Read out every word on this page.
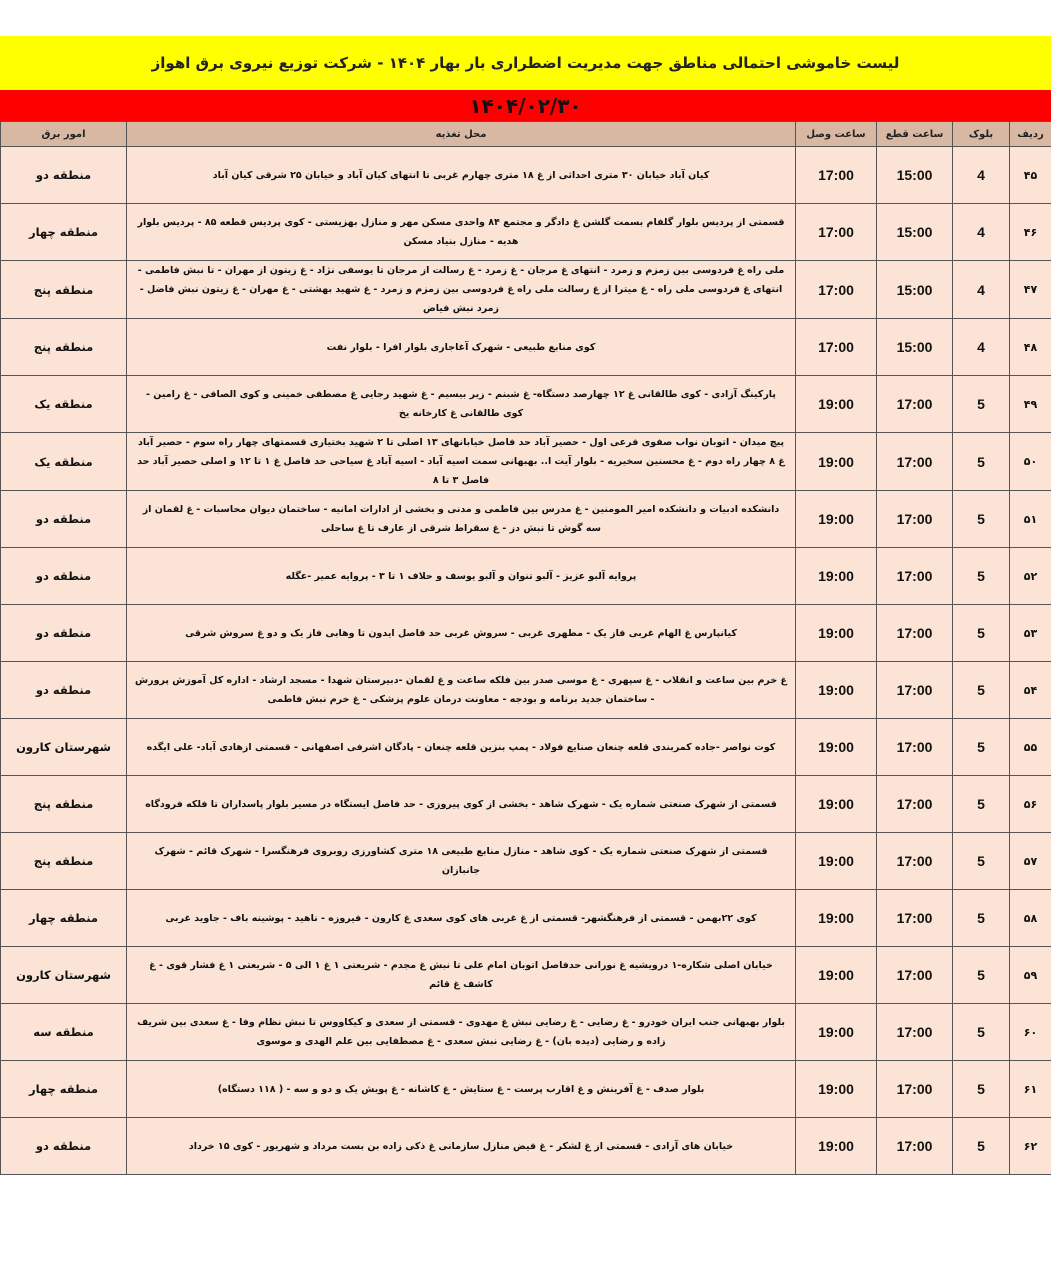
لیست خاموشی احتمالی مناطق جهت مدیریت اضطراری بار بهار ۱۴۰۴ - شرکت توزیع نیروی برق اهواز
۱۴۰۴/۰۲/۳۰
ردیف	بلوک	ساعت قطع	ساعت وصل	محل تغذیه	امور برق
۴۵	4	15:00	17:00	کیان آباد خیابان ۳۰ متری احداثی از غ ۱۸ متری چهارم غربی تا انتهای کیان آباد و خیابان ۲۵ شرقی کیان آباد	منطقه دو
۴۶	4	15:00	17:00	قسمتی از پردیس بلوار گلفام بسمت گلشن غ دادگر و مجتمع ۸۴ واحدی مسکن مهر و منازل بهزیستی - کوی پردیس قطعه ۸۵ - پردیس بلوار هدیه - منازل بنیاد مسکن	منطقه چهار
۴۷	4	15:00	17:00	ملی راه غ فردوسی بین زمزم و زمرد - انتهای غ مرجان - غ زمرد - غ رسالت از مرجان تا یوسفی نژاد - غ زیتون از مهران - تا نبش فاطمی - انتهای غ فردوسی ملی راه - غ میترا از غ رسالت ملی راه غ فردوسی بین زمزم و زمرد - غ شهید بهشتی - غ مهران - غ زیتون نبش فاضل - زمرد نبش فیاض	منطقه پنج
۴۸	4	15:00	17:00	کوی منابع طبیعی - شهرک آغاجاری بلوار افرا - بلوار نفت	منطقه پنج
۴۹	5	17:00	19:00	پارکینگ آزادی - کوی طالقانی غ ۱۲ چهارصد دستگاه- غ شبنم - زیر بیسیم - غ شهید رجایی غ مصطفی خمینی و کوی الصافی - غ رامین - کوی طالقانی غ کارخانه یخ	منطقه یک
۵۰	5	17:00	19:00	پیچ میدان - اتوبان نواب صفوی فرعی اول - حصیر آباد حد فاصل خیابانهای ۱۳ اصلی تا ۲ شهید بختیاری قسمتهای چهار راه سوم - حصیر آباد غ ۸ چهار راه دوم - غ محسنین سخیریه - بلوار آیت ا.. بهبهانی سمت اسیه آباد - اسیه آباد غ سیاحی حد فاصل غ ۱ تا ۱۲ و اصلی حصیر آباد حد فاصل ۳ تا ۸	منطقه یک
۵۱	5	17:00	19:00	دانشکده ادبیات و دانشکده امیر المومنین - غ مدرس بین فاطمی و مدنی و بخشی از ادارات امانیه - ساختمان دیوان محاسبات - غ لقمان از سه گوش تا نبش دز - غ سقراط شرقی از عارف تا غ ساحلی	منطقه دو
۵۲	5	17:00	19:00	پروایه آلبو عزیز - آلبو تنوان و آلبو یوسف و حلاف ۱ تا ۳ - پروایه عمیر -عگله	منطقه دو
۵۳	5	17:00	19:00	کیانپارس غ الهام غربی فاز یک - مطهری غربی - سروش غربی حد فاصل ایدون تا وهابی فاز یک و دو غ سروش شرقی	منطقه دو
۵۴	5	17:00	19:00	غ خرم بین ساعت و انقلاب - غ سپهری - غ موسی صدر بین فلکه ساعت و غ لقمان -دبیرستان شهدا - مسجد ارشاد - اداره کل آموزش پرورش - ساختمان جدید برنامه و بودجه - معاونت درمان علوم پزشکی - غ خرم نبش فاطمی	منطقه دو
۵۵	5	17:00	19:00	کوت نواصر -جاده کمربندی قلعه چنعان صنایع فولاد - پمپ بنزین قلعه چنعان - پادگان اشرفی اصفهانی - قسمتی ازهادی آباد- علی ایگده	شهرستان کارون
۵۶	5	17:00	19:00	قسمتی از شهرک صنعتی شماره یک - شهرک شاهد - بخشی از کوی پیروزی - حد فاصل ایستگاه در مسیر بلوار پاسداران تا فلکه فرودگاه	منطقه پنج
۵۷	5	17:00	19:00	قسمتی از شهرک صنعتی شماره یک - کوی شاهد - منازل منابع طبیعی ۱۸ متری کشاورزی روبروی فرهنگسرا - شهرک قائم - شهرک جانبازان	منطقه پنج
۵۸	5	17:00	19:00	کوی ۲۲بهمن - قسمتی از فرهنگشهر- قسمتی از غ غربی های کوی سعدی غ کارون - فیروزه - ناهید - پوشینه باف - جاوید غربی	منطقه چهار
۵۹	5	17:00	19:00	خیابان اصلی شکاره-۱ درویشیه غ نورانی حدفاصل اتوبان امام علی تا نبش غ مجدم - شریعتی ۱ غ ۱ الی ۵ - شریعتی ۱ غ فشار قوی - غ کاشف غ قائم	شهرستان کارون
۶۰	5	17:00	19:00	بلوار بهبهانی جنب ایران خودرو - غ رضایی - غ رضایی نبش غ مهدوی - قسمتی از سعدی و کیکاووس تا نبش نظام وفا - غ سعدی بین شریف زاده و رضایی (دیده بان) - غ رضایی نبش سعدی - غ مصطفایی بین علم الهدی و موسوی	منطقه سه
۶۱	5	17:00	19:00	بلوار صدف - غ آفرینش و غ اقارب پرست - غ ستایش - غ کاشانه - غ پویش یک و دو و سه - ( ۱۱۸ دستگاه)	منطقه چهار
۶۲	5	17:00	19:00	خیابان های آزادی - قسمتی از غ لشکر - غ فیض منازل سازمانی غ ذکی زاده بن بست مرداد و شهریور - کوی ۱۵ خرداد	منطقه دو
